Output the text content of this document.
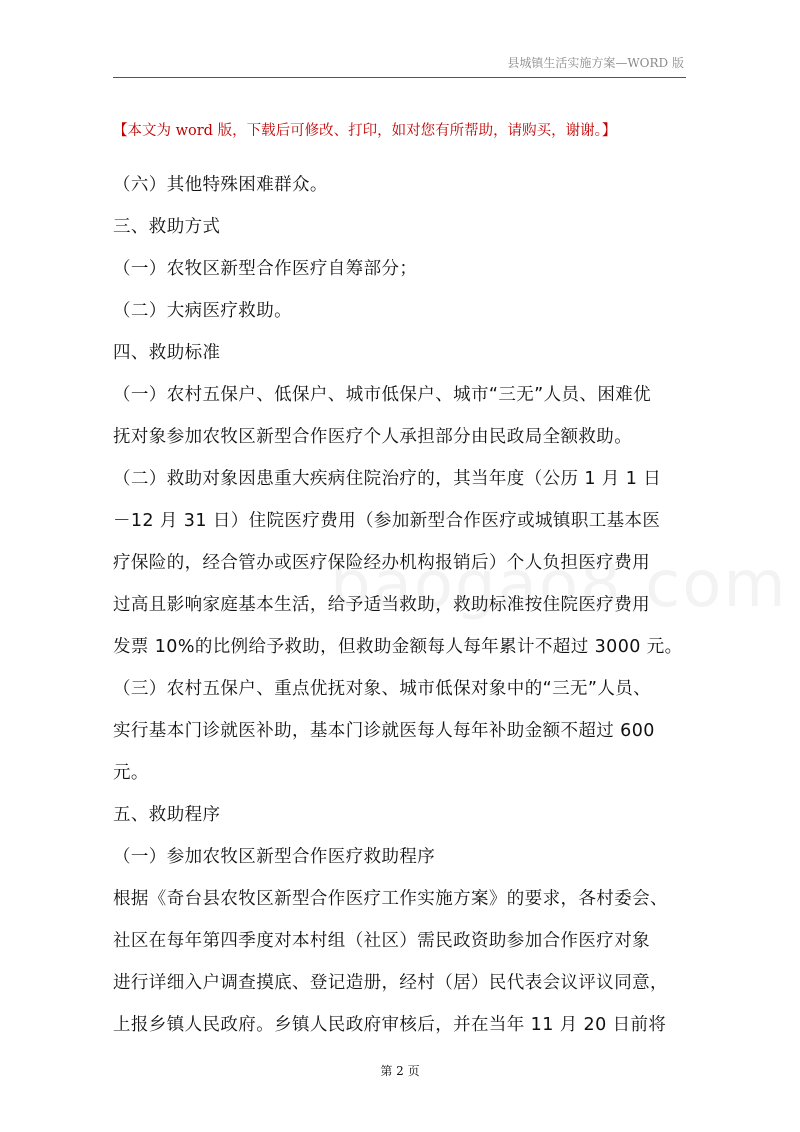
县城镇生活实施方案—WORD 版
【本文为 word 版，下载后可修改、打印，如对您有所帮助，请购买，谢谢。】
（六）其他特殊困难群众。
三、救助方式
（一）农牧区新型合作医疗自筹部分；
（二）大病医疗救助。
四、救助标准
（一）农村五保户、低保户、城市低保户、城市“三无”人员、困难优
抚对象参加农牧区新型合作医疗个人承担部分由民政局全额救助。
（二）救助对象因患重大疾病住院治疗的，其当年度（公历 1 月 1 日
－12 月 31 日）住院医疗费用（参加新型合作医疗或城镇职工基本医
疗保险的，经合管办或医疗保险经办机构报销后）个人负担医疗费用
过高且影响家庭基本生活，给予适当救助，救助标准按住院医疗费用
发票 10%的比例给予救助，但救助金额每人每年累计不超过 3000 元。
（三）农村五保户、重点优抚对象、城市低保对象中的“三无”人员、
实行基本门诊就医补助，基本门诊就医每人每年补助金额不超过 600
元。
五、救助程序
（一）参加农牧区新型合作医疗救助程序
根据《奇台县农牧区新型合作医疗工作实施方案》的要求，各村委会、
社区在每年第四季度对本村组（社区）需民政资助参加合作医疗对象
进行详细入户调查摸底、登记造册，经村（居）民代表会议评议同意，
上报乡镇人民政府。乡镇人民政府审核后，并在当年 11 月 20 日前将
第 2 页
